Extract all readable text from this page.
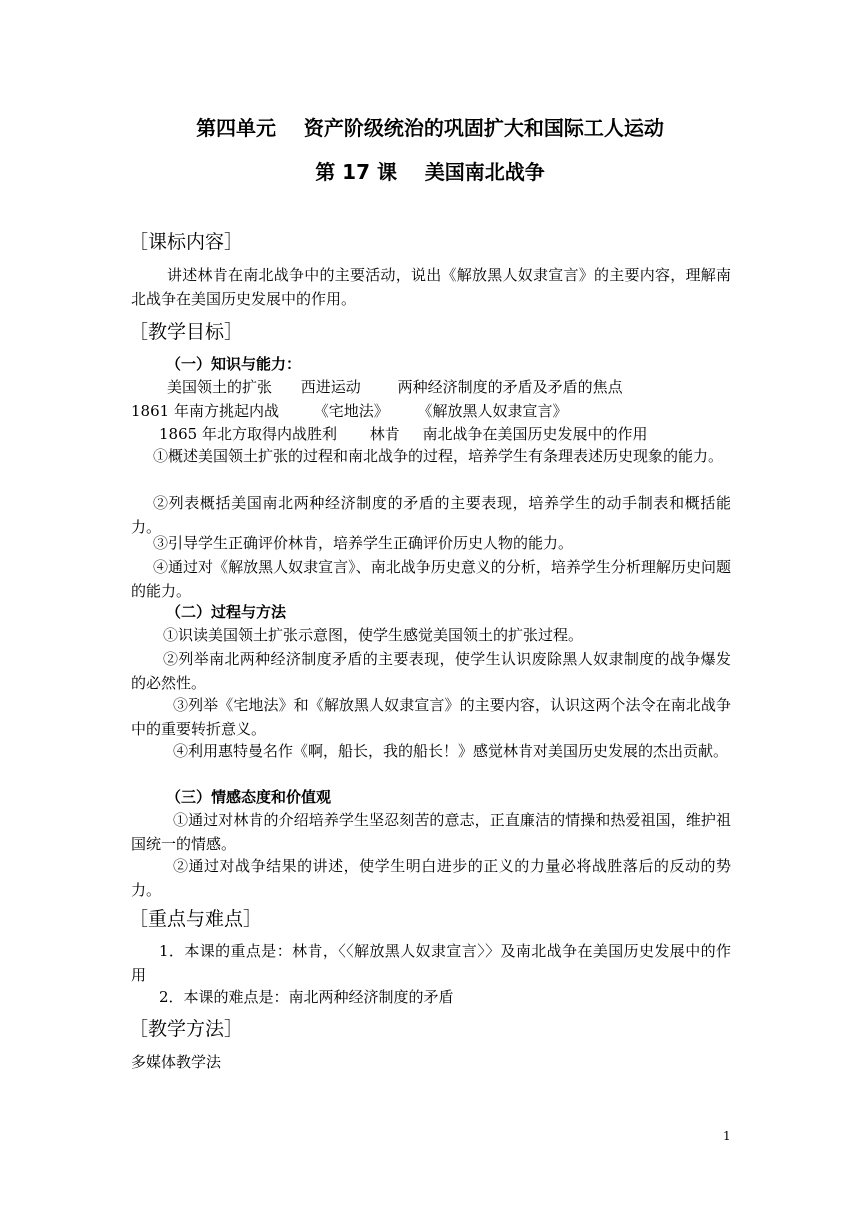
第四单元    资产阶级统治的巩固扩大和国际工人运动
第 17 课    美国南北战争
［课标内容］
讲述林肯在南北战争中的主要活动，说出《解放黑人奴隶宣言》的主要内容，理解南北战争在美国历史发展中的作用。
［教学目标］
（一）知识与能力：
美国领土的扩张 西进运动 两种经济制度的矛盾及矛盾的焦点
1861 年南方挑起内战 《宅地法》 《解放黑人奴隶宣言》 1865 年北方取得内战胜利 林肯 南北战争在美国历史发展中的作用
①概述美国领土扩张的过程和南北战争的过程，培养学生有条理表述历史现象的能力。
②列表概括美国南北两种经济制度的矛盾的主要表现，培养学生的动手制表和概括能力。
③引导学生正确评价林肯，培养学生正确评价历史人物的能力。
④通过对《解放黑人奴隶宣言》、南北战争历史意义的分析，培养学生分析理解历史问题的能力。
（二）过程与方法
①识读美国领土扩张示意图，使学生感觉美国领土的扩张过程。
②列举南北两种经济制度矛盾的主要表现，使学生认识废除黑人奴隶制度的战争爆发的必然性。
③列举《宅地法》和《解放黑人奴隶宣言》的主要内容，认识这两个法令在南北战争中的重要转折意义。
④利用惠特曼名作《啊，船长，我的船长！》感觉林肯对美国历史发展的杰出贡献。
（三）情感态度和价值观
①通过对林肯的介绍培养学生坚忍刻苦的意志，正直廉洁的情操和热爱祖国，维护祖国统一的情感。
②通过对战争结果的讲述，使学生明白进步的正义的力量必将战胜落后的反动的势力。
［重点与难点］
1．本课的重点是：林肯，〈〈解放黑人奴隶宣言〉〉及南北战争在美国历史发展中的作用
2．本课的难点是：南北两种经济制度的矛盾
［教学方法］
多媒体教学法
1
